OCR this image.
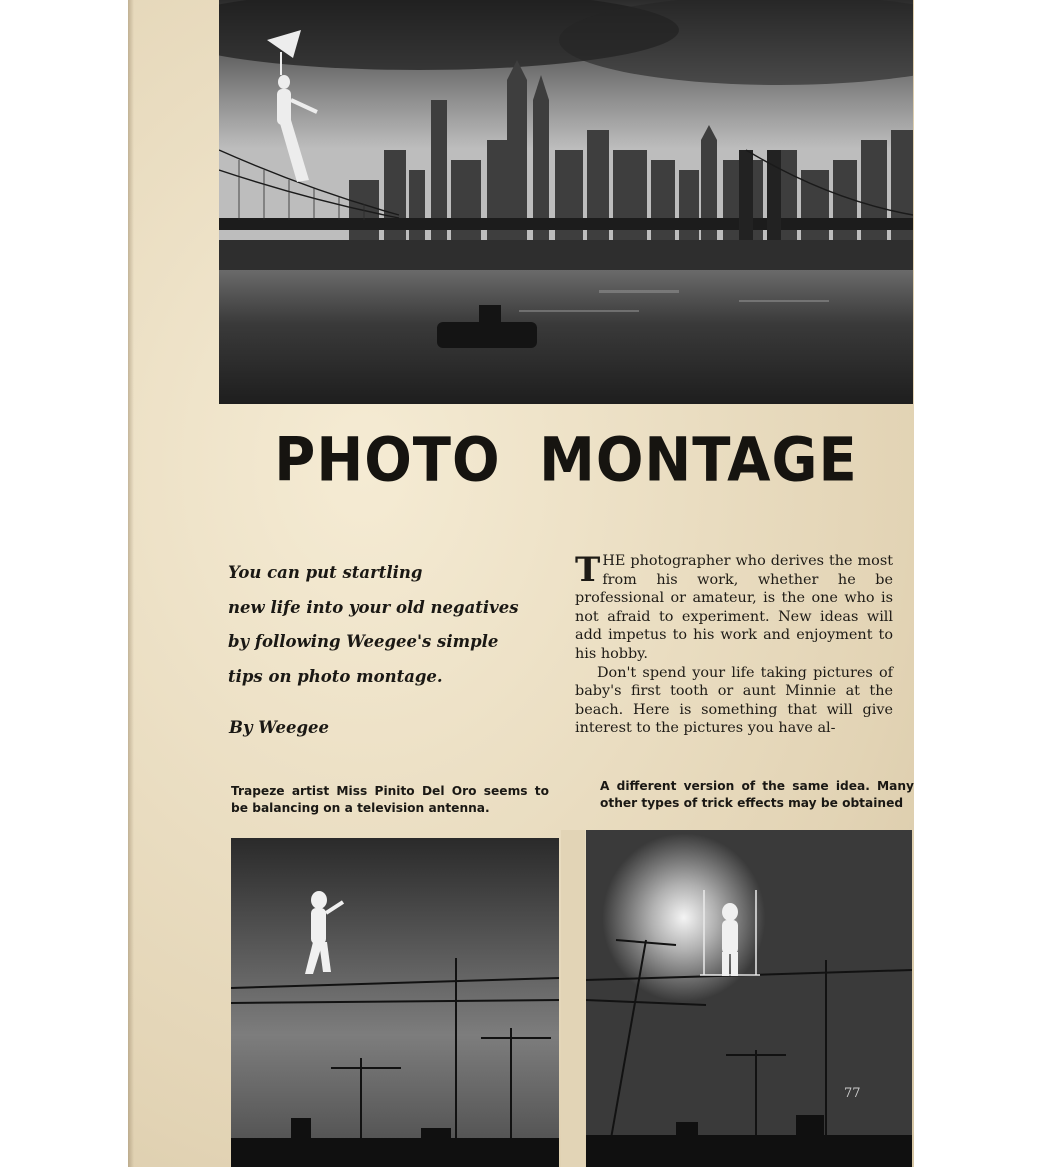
PHOTO MONTAGE
You can put startling
new life into your old negatives
by following Weegee's simple
tips on photo montage.
By Weegee

THE photographer who derives the most from his work, whether he be professional or amateur, is the one who is not afraid to experiment. New ideas will add impetus to his work and enjoyment to his hobby.

Don't spend your life taking pictures of baby's first tooth or aunt Minnie at the beach. Here is something that will give interest to the pictures you have al-

Trapeze artist Miss Pinito Del Oro seems to be balancing on a television antenna.
A different version of the same idea. Many other types of trick effects may be obtained
77
